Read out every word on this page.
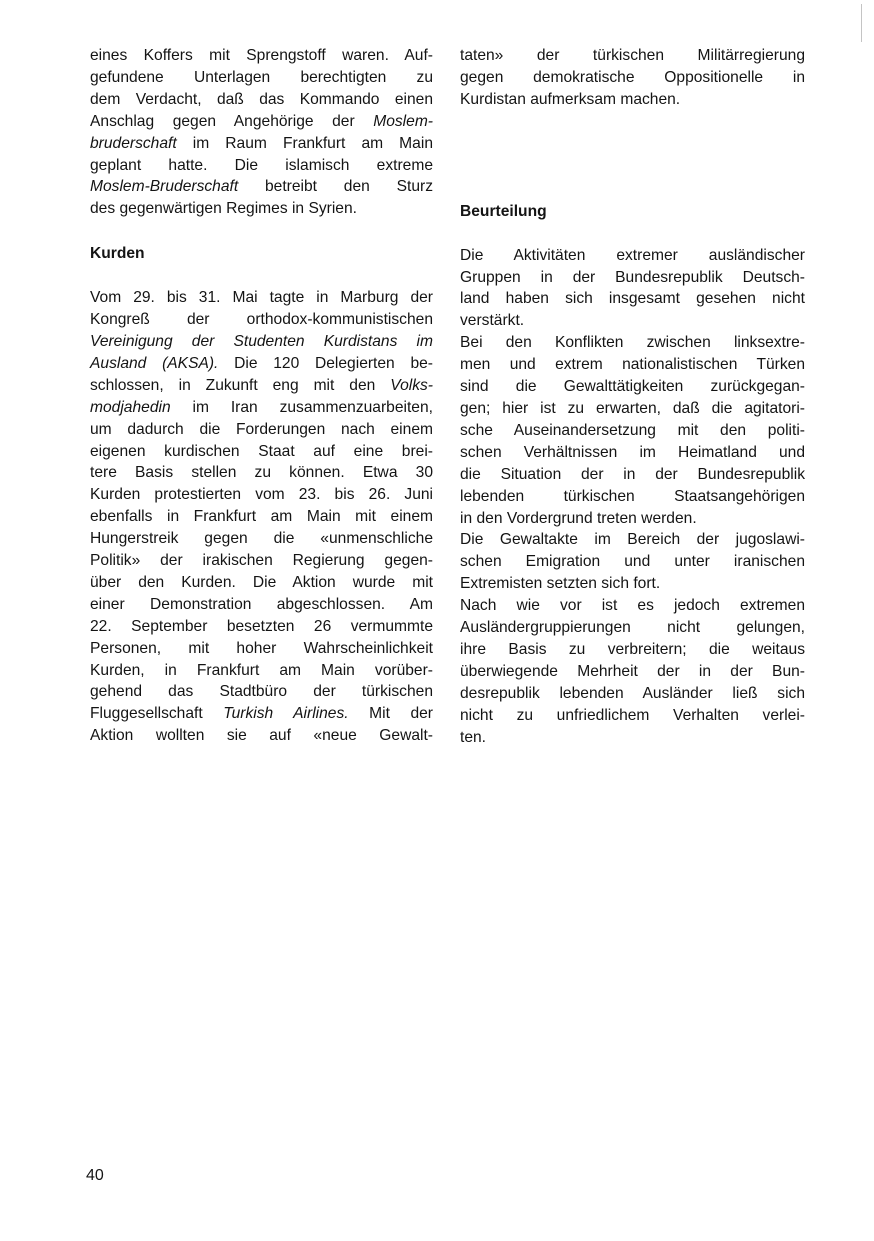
eines Koffers mit Sprengstoff waren. Auf-
gefundene Unterlagen berechtigten zu
dem Verdacht, daß das Kommando einen
Anschlag gegen Angehörige der Moslem-
bruderschaft im Raum Frankfurt am Main
geplant hatte. Die islamisch extreme
Moslem-Bruderschaft betreibt den Sturz
des gegenwärtigen Regimes in Syrien.
Kurden
Vom 29. bis 31. Mai tagte in Marburg der
Kongreß der orthodox-kommunistischen
Vereinigung der Studenten Kurdistans im
Ausland (AKSA). Die 120 Delegierten be-
schlossen, in Zukunft eng mit den Volks-
modjahedin im Iran zusammenzuarbeiten,
um dadurch die Forderungen nach einem
eigenen kurdischen Staat auf eine brei-
tere Basis stellen zu können. Etwa 30
Kurden protestierten vom 23. bis 26. Juni
ebenfalls in Frankfurt am Main mit einem
Hungerstreik gegen die «unmenschliche
Politik» der irakischen Regierung gegen-
über den Kurden. Die Aktion wurde mit
einer Demonstration abgeschlossen. Am
22. September besetzten 26 vermummte
Personen, mit hoher Wahrscheinlichkeit
Kurden, in Frankfurt am Main vorüber-
gehend das Stadtbüro der türkischen
Fluggesellschaft Turkish Airlines. Mit der
Aktion wollten sie auf «neue Gewalt-
taten» der türkischen Militärregierung
gegen demokratische Oppositionelle in
Kurdistan aufmerksam machen.
Beurteilung
Die Aktivitäten extremer ausländischer
Gruppen in der Bundesrepublik Deutsch-
land haben sich insgesamt gesehen nicht
verstärkt.
Bei den Konflikten zwischen linksextre-
men und extrem nationalistischen Türken
sind die Gewalttätigkeiten zurückgegan-
gen; hier ist zu erwarten, daß die agitatori-
sche Auseinandersetzung mit den politi-
schen Verhältnissen im Heimatland und
die Situation der in der Bundesrepublik
lebenden türkischen Staatsangehörigen
in den Vordergrund treten werden.
Die Gewaltakte im Bereich der jugoslawi-
schen Emigration und unter iranischen
Extremisten setzten sich fort.
Nach wie vor ist es jedoch extremen
Ausländergruppierungen nicht gelungen,
ihre Basis zu verbreitern; die weitaus
überwiegende Mehrheit der in der Bun-
desrepublik lebenden Ausländer ließ sich
nicht zu unfriedlichem Verhalten verlei-
ten.
40
